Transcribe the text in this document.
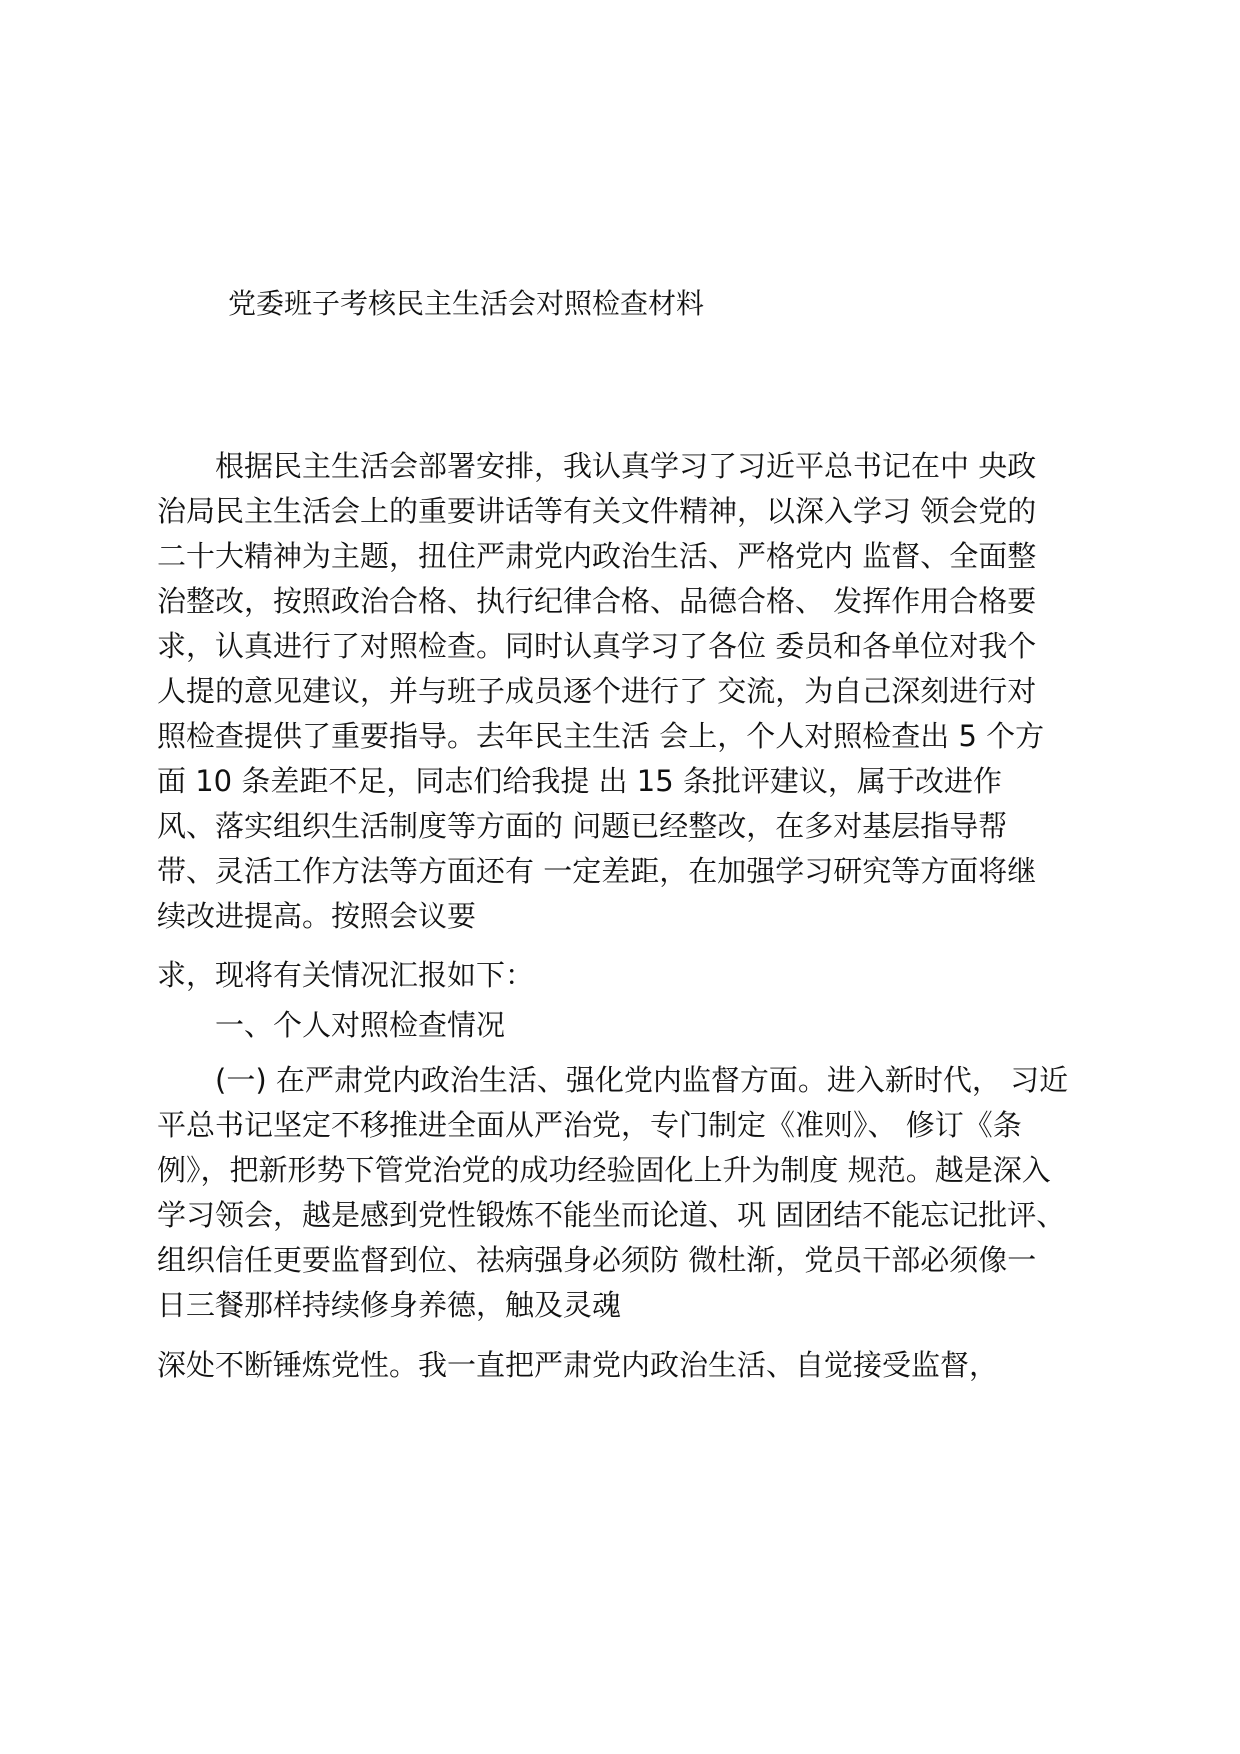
党委班子考核民主生活会对照检查材料

　　根据民主生活会部署安排，我认真学习了习近平总书记在中 央政

治局民主生活会上的重要讲话等有关文件精神，以深入学习 领会党的

二十大精神为主题，扭住严肃党内政治生活、严格党内 监督、全面整

治整改，按照政治合格、执行纪律合格、品德合格、 发挥作用合格要

求，认真进行了对照检查。同时认真学习了各位 委员和各单位对我个

人提的意见建议，并与班子成员逐个进行了 交流，为自己深刻进行对

照检查提供了重要指导。去年民主生活 会上，个人对照检查出 5 个方

面 10 条差距不足，同志们给我提 出 15 条批评建议，属于改进作

风、落实组织生活制度等方面的 问题已经整改，在多对基层指导帮

带、灵活工作方法等方面还有 一定差距，在加强学习研究等方面将继

续改进提高。按照会议要

求，现将有关情况汇报如下：

　　一、个人对照检查情况

　　(一) 在严肃党内政治生活、强化党内监督方面。进入新时代， 习近

平总书记坚定不移推进全面从严治党，专门制定《准则》、 修订《条

例》，把新形势下管党治党的成功经验固化上升为制度 规范。越是深入

学习领会，越是感到党性锻炼不能坐而论道、巩 固团结不能忘记批评、

组织信任更要监督到位、祛病强身必须防 微杜渐，党员干部必须像一

日三餐那样持续修身养德，触及灵魂

深处不断锤炼党性。我一直把严肃党内政治生活、自觉接受监督，
